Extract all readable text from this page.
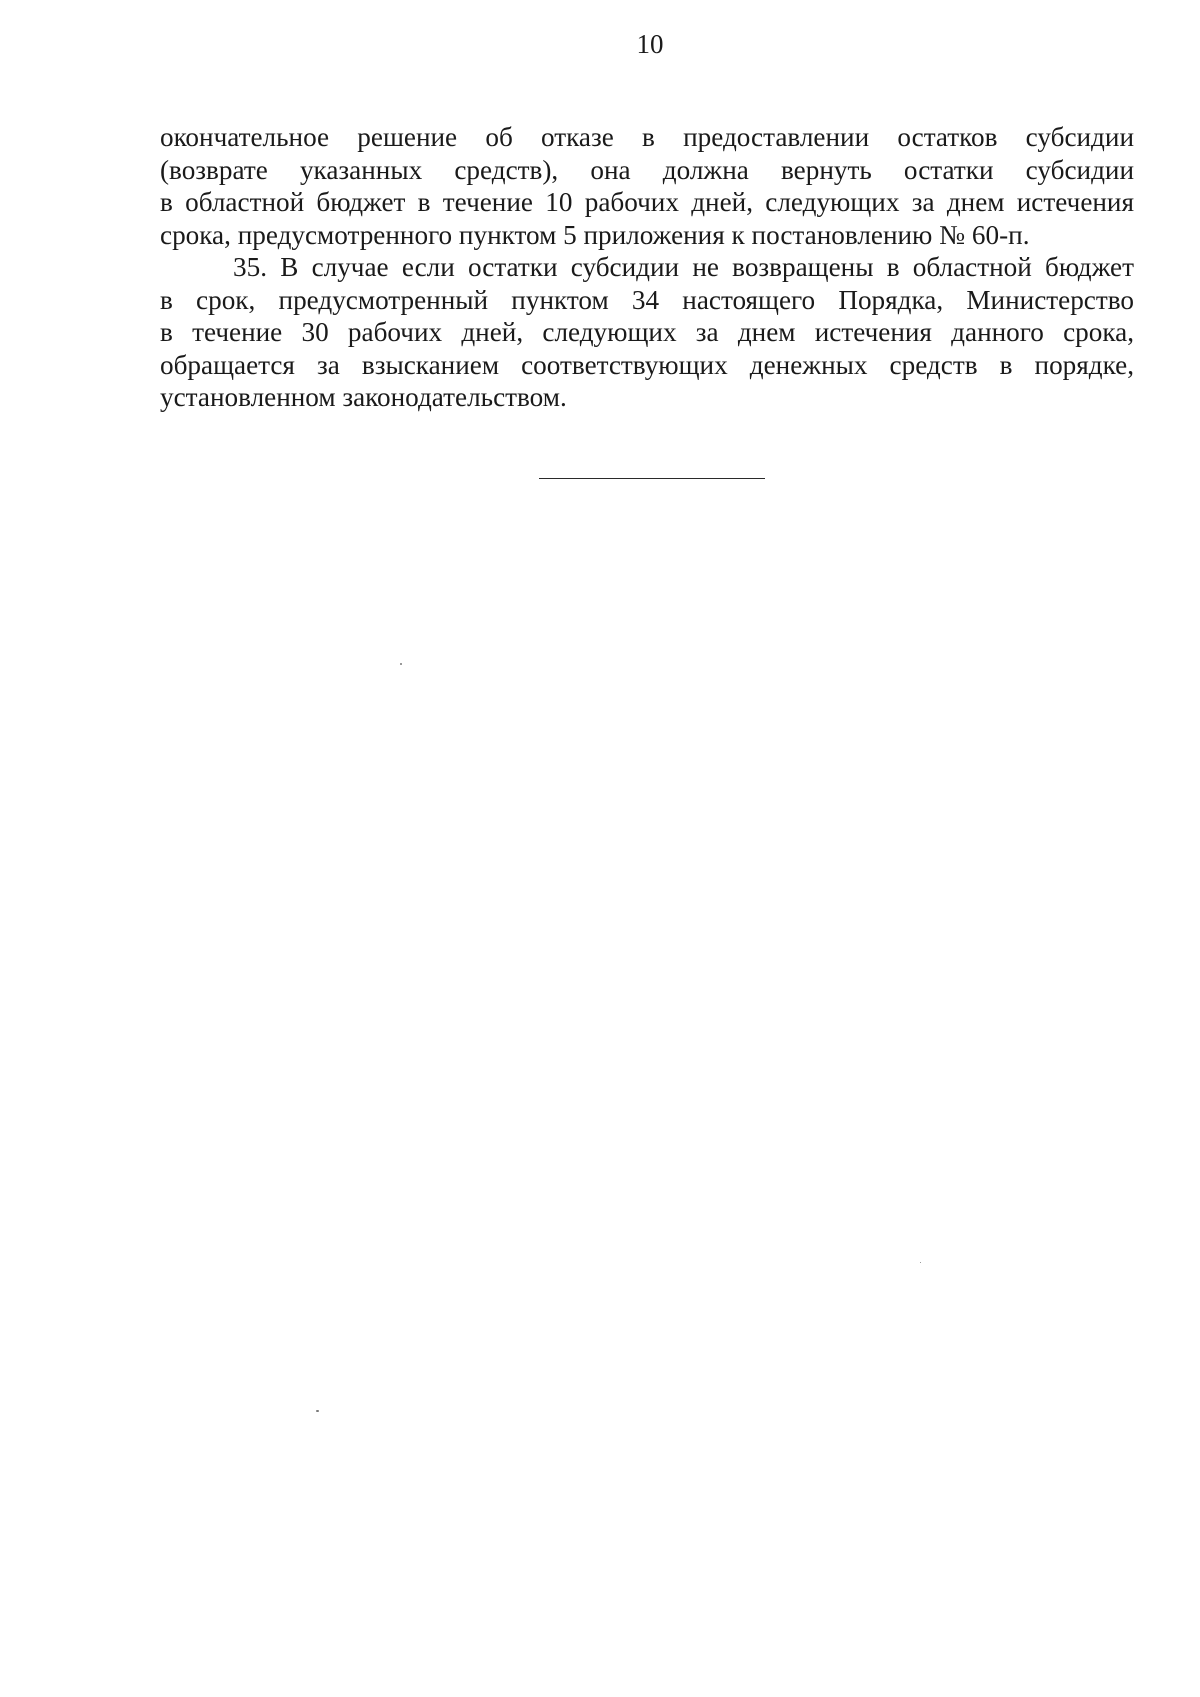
10

окончательное решение об отказе в предоставлении остатков субсидии
(возврате указанных средств), она должна вернуть остатки субсидии
в областной бюджет в течение 10 рабочих дней, следующих за днем истечения
срока, предусмотренного пунктом 5 приложения к постановлению № 60-п.

35. В случае если остатки субсидии не возвращены в областной бюджет
в срок, предусмотренный пунктом 34 настоящего Порядка, Министерство
в течение 30 рабочих дней, следующих за днем истечения данного срока,
обращается за взысканием соответствующих денежных средств в порядке,
установленном законодательством.
